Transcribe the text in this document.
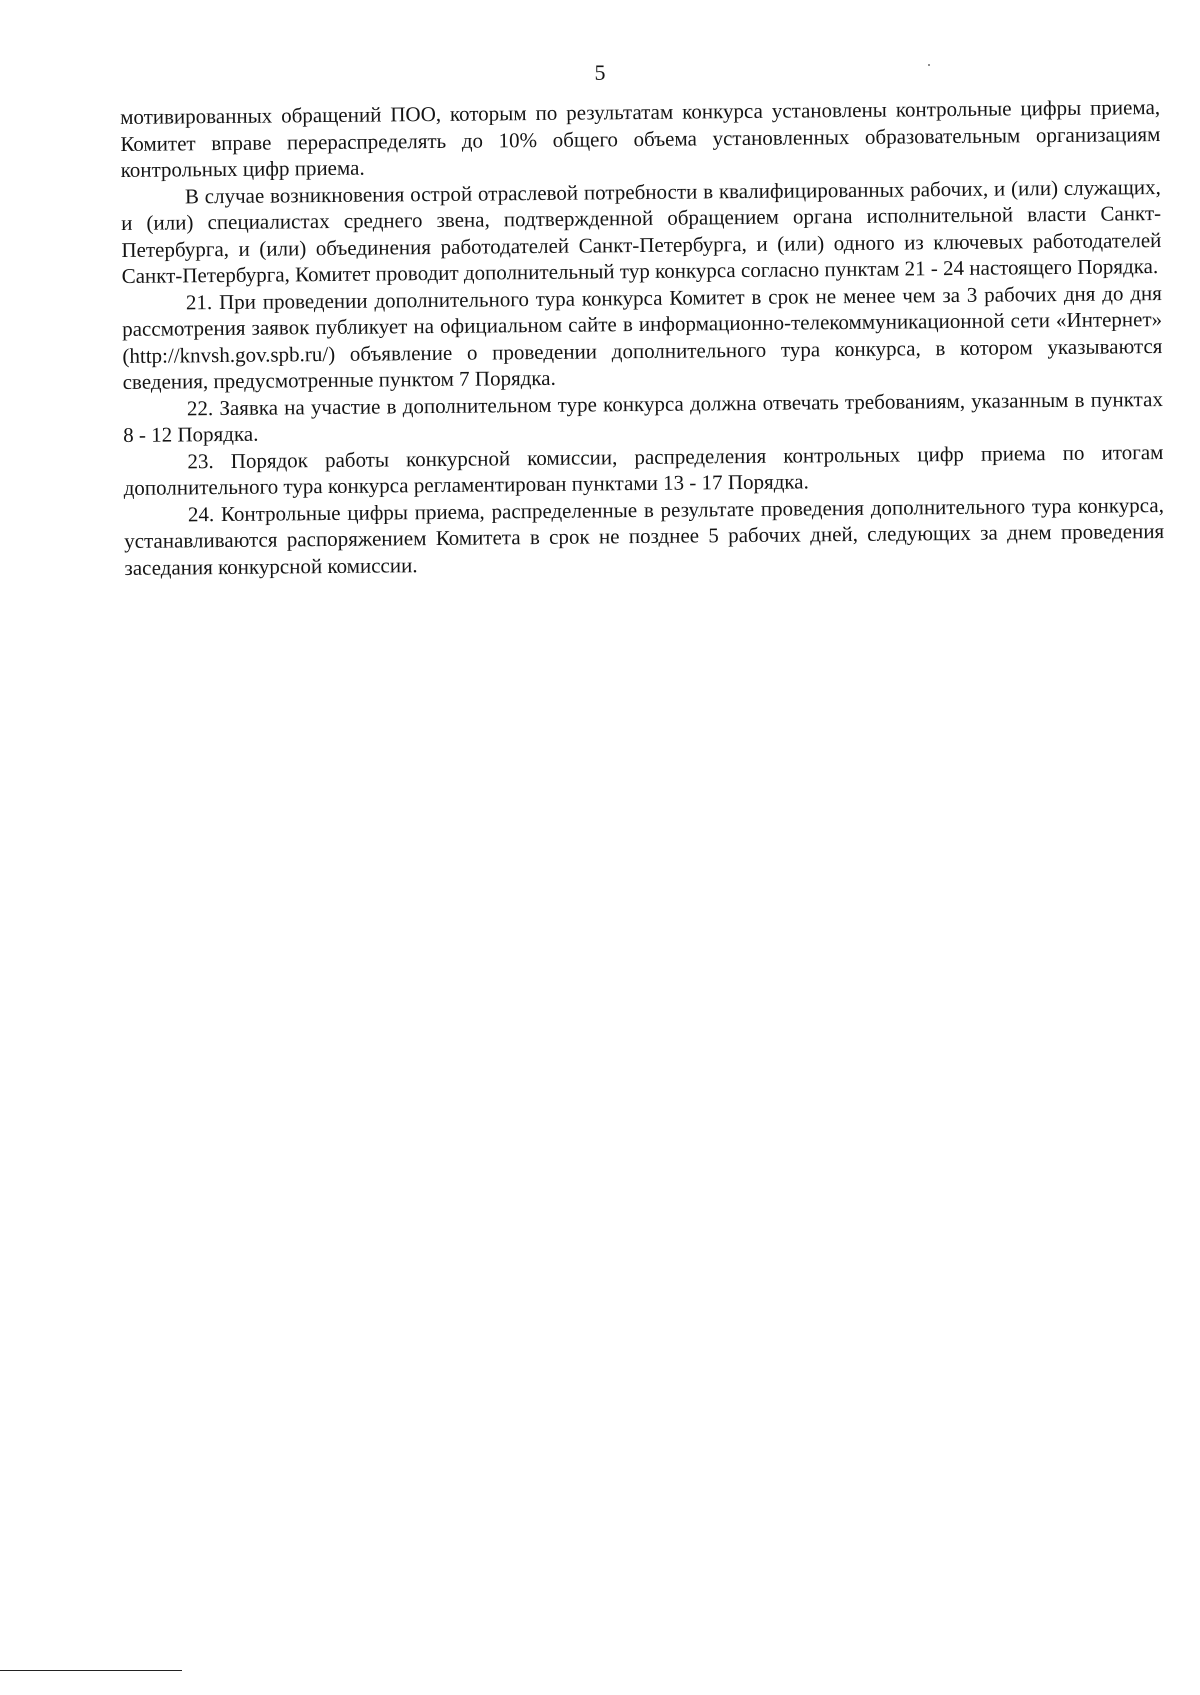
5

мотивированных обращений ПОО, которым по результатам конкурса установлены контрольные цифры приема, Комитет вправе перераспределять до 10% общего объема установленных образовательным организациям контрольных цифр приема.

В случае возникновения острой отраслевой потребности в квалифицированных рабочих, и (или) служащих, и (или) специалистах среднего звена, подтвержденной обращением органа исполнительной власти Санкт-Петербурга, и (или) объединения работодателей Санкт-Петербурга, и (или) одного из ключевых работодателей Санкт-Петербурга, Комитет проводит дополнительный тур конкурса согласно пунктам 21 - 24 настоящего Порядка.

21. При проведении дополнительного тура конкурса Комитет в срок не менее чем за 3 рабочих дня до дня рассмотрения заявок публикует на официальном сайте в информационно-телекоммуникационной сети «Интернет» (http://knvsh.gov.spb.ru/) объявление о проведении дополнительного тура конкурса, в котором указываются сведения, предусмотренные пунктом 7 Порядка.

22. Заявка на участие в дополнительном туре конкурса должна отвечать требованиям, указанным в пунктах 8 - 12 Порядка.

23. Порядок работы конкурсной комиссии, распределения контрольных цифр приема по итогам дополнительного тура конкурса регламентирован пунктами 13 - 17 Порядка.

24. Контрольные цифры приема, распределенные в результате проведения дополнительного тура конкурса, устанавливаются распоряжением Комитета в срок не позднее 5 рабочих дней, следующих за днем проведения заседания конкурсной комиссии.
